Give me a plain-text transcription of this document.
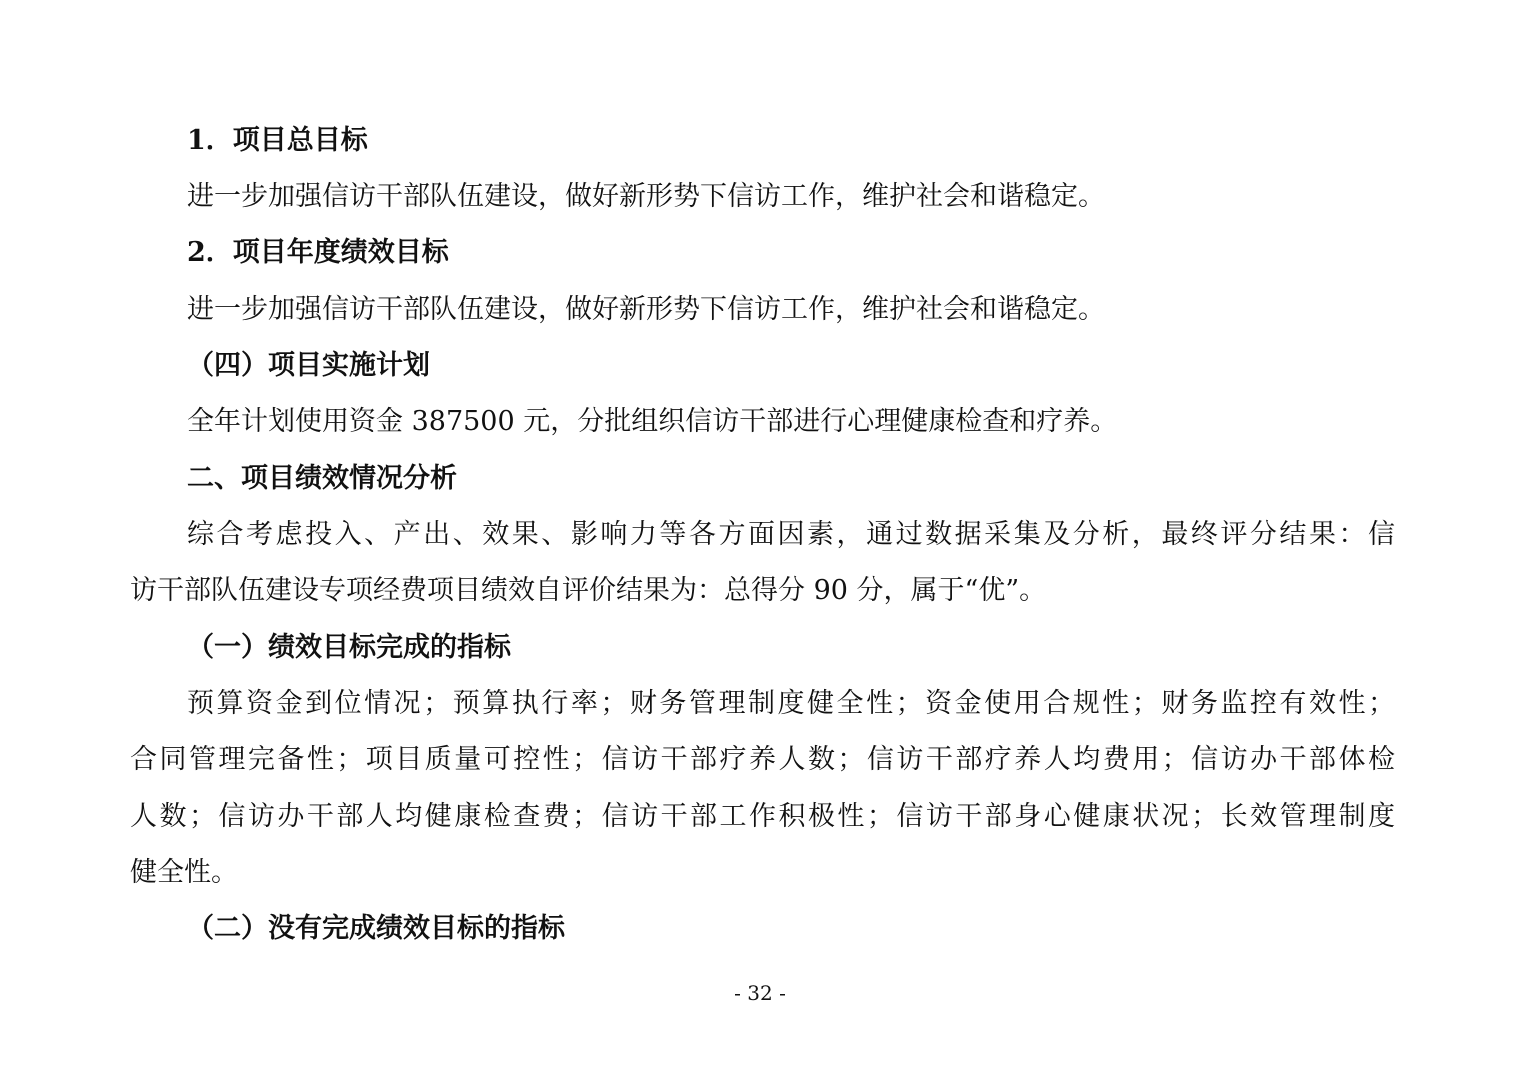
1．项目总目标
进一步加强信访干部队伍建设，做好新形势下信访工作，维护社会和谐稳定。
2．项目年度绩效目标
进一步加强信访干部队伍建设，做好新形势下信访工作，维护社会和谐稳定。
（四）项目实施计划
全年计划使用资金 387500 元，分批组织信访干部进行心理健康检查和疗养。
二、项目绩效情况分析
综合考虑投入、产出、效果、影响力等各方面因素，通过数据采集及分析，最终评分结果：信
访干部队伍建设专项经费项目绩效自评价结果为：总得分 90 分，属于“优”。
（一）绩效目标完成的指标
预算资金到位情况；预算执行率；财务管理制度健全性；资金使用合规性；财务监控有效性；
合同管理完备性；项目质量可控性；信访干部疗养人数；信访干部疗养人均费用；信访办干部体检
人数；信访办干部人均健康检查费；信访干部工作积极性；信访干部身心健康状况；长效管理制度
健全性。
（二）没有完成绩效目标的指标
- 32 -
